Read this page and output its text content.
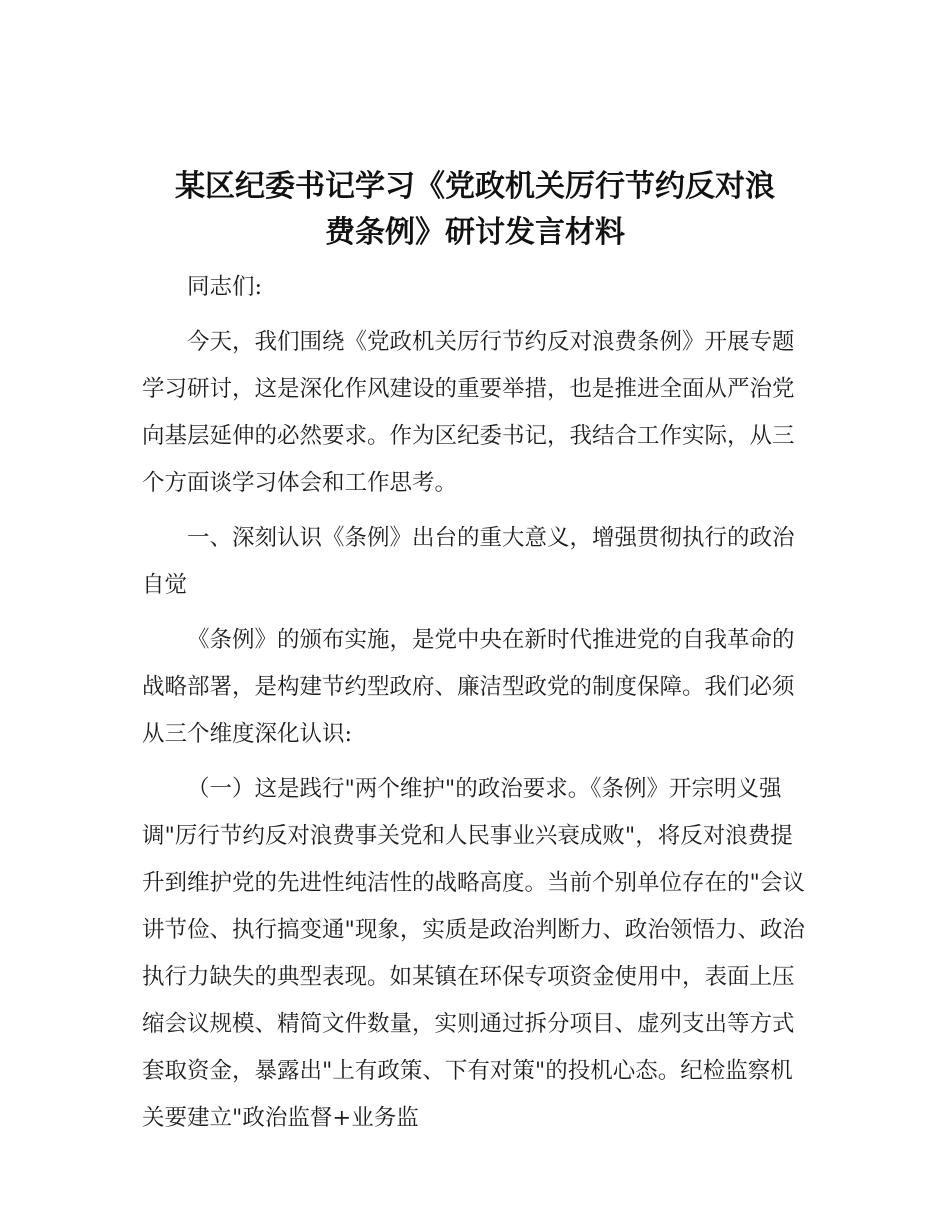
某区纪委书记学习《党政机关厉行节约反对浪
费条例》研讨发言材料

同志们:

今天，我们围绕《党政机关厉行节约反对浪费条例》开展专题学习研讨，这是深化作风建设的重要举措，也是推进全面从严治党向基层延伸的必然要求。作为区纪委书记，我结合工作实际，从三个方面谈学习体会和工作思考。

一、深刻认识《条例》出台的重大意义，增强贯彻执行的政治自觉

《条例》的颁布实施，是党中央在新时代推进党的自我革命的战略部署，是构建节约型政府、廉洁型政党的制度保障。我们必须从三个维度深化认识:

（一）这是践行"两个维护"的政治要求。《条例》开宗明义强调"厉行节约反对浪费事关党和人民事业兴衰成败"，将反对浪费提升到维护党的先进性纯洁性的战略高度。当前个别单位存在的"会议讲节俭、执行搞变通"现象，实质是政治判断力、政治领悟力、政治执行力缺失的典型表现。如某镇在环保专项资金使用中，表面上压缩会议规模、精简文件数量，实则通过拆分项目、虚列支出等方式套取资金，暴露出"上有政策、下有对策"的投机心态。纪检监察机关要建立"政治监督+业务监
